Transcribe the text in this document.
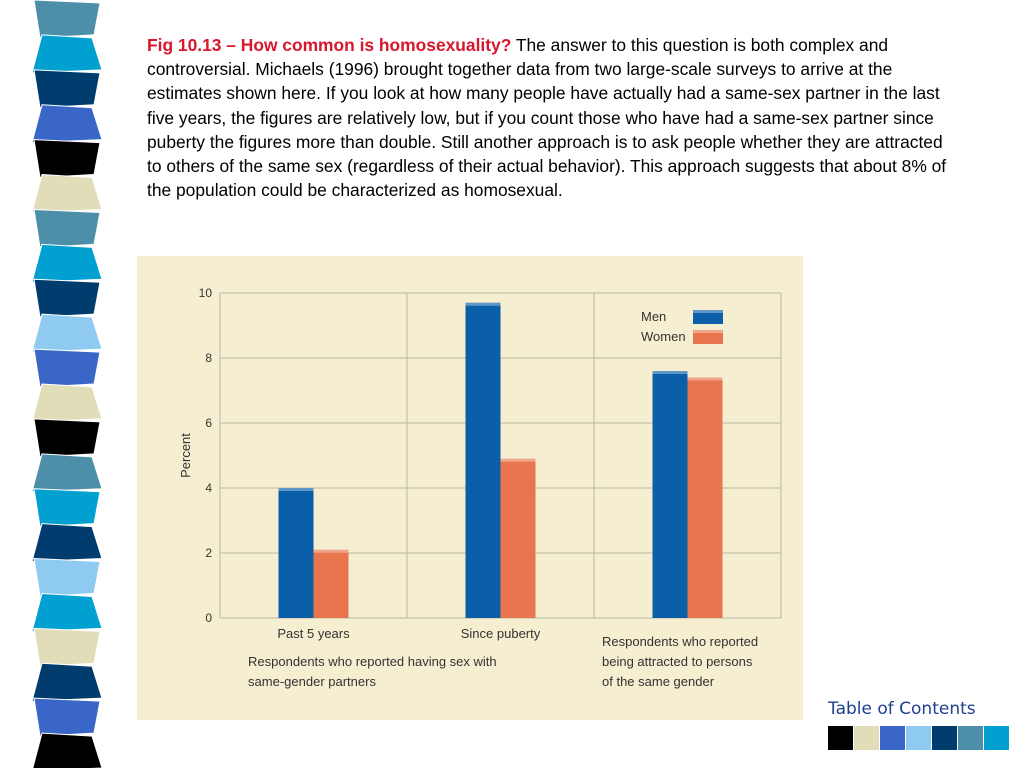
Fig 10.13 – How common is homosexuality? The answer to this question is both complex and controversial. Michaels (1996) brought together data from two large-scale surveys to arrive at the estimates shown here. If you look at how many people have actually had a same-sex partner in the last five years, the figures are relatively low, but if you count those who have had a same-sex partner since puberty the figures more than double. Still another approach is to ask people whether they are attracted to others of the same sex (regardless of their actual behavior). This approach suggests that about 8% of the population could be characterized as homosexual.

0
2
4
6
8
10
Percent
Past 5 years	Since puberty
Respondents who reported having sex with
same-gender partners
Respondents who reported
being attracted to persons
of the same gender
Men
Women
Table of Contents
